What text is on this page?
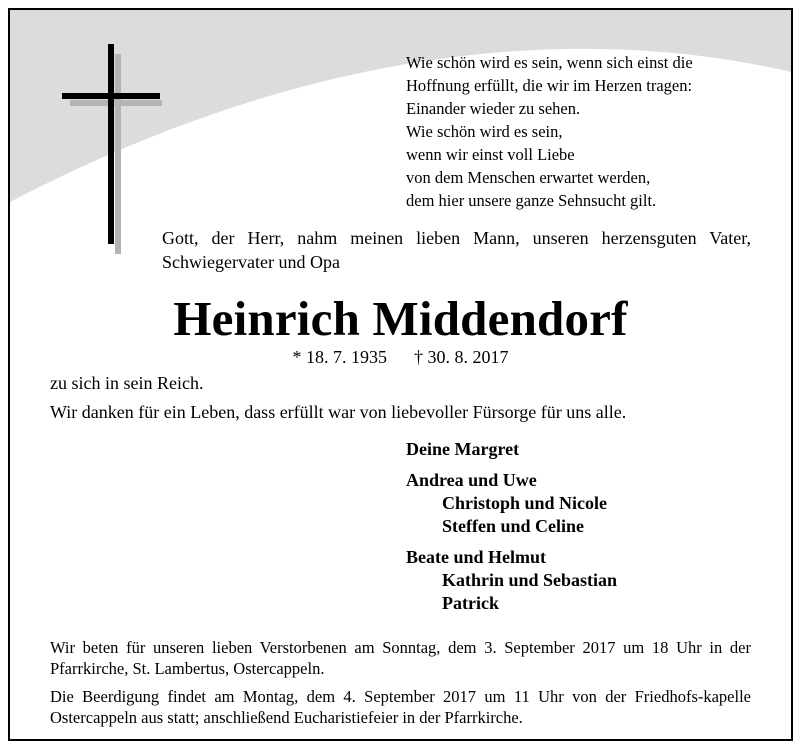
Wie schön wird es sein, wenn sich einst die
Hoffnung erfüllt, die wir im Herzen tragen:
Einander wieder zu sehen.
Wie schön wird es sein,
wenn wir einst voll Liebe
von dem Menschen erwartet werden,
dem hier unsere ganze Sehnsucht gilt.
Gott, der Herr, nahm meinen lieben Mann, unseren herzensguten Vater, Schwiegervater und Opa
Heinrich Middendorf
* 18. 7. 1935 † 30. 8. 2017
zu sich in sein Reich.
Wir danken für ein Leben, dass erfüllt war von liebevoller Fürsorge für uns alle.
Deine Margret
Andrea und Uwe
Christoph und Nicole
Steffen und Celine
Beate und Helmut
Kathrin und Sebastian
Patrick
Wir beten für unseren lieben Verstorbenen am Sonntag, dem 3. September 2017 um 18 Uhr in der Pfarrkirche, St. Lambertus, Ostercappeln.
Die Beerdigung findet am Montag, dem 4. September 2017 um 11 Uhr von der Friedhofs-kapelle Ostercappeln aus statt; anschließend Eucharistiefeier in der Pfarrkirche.
